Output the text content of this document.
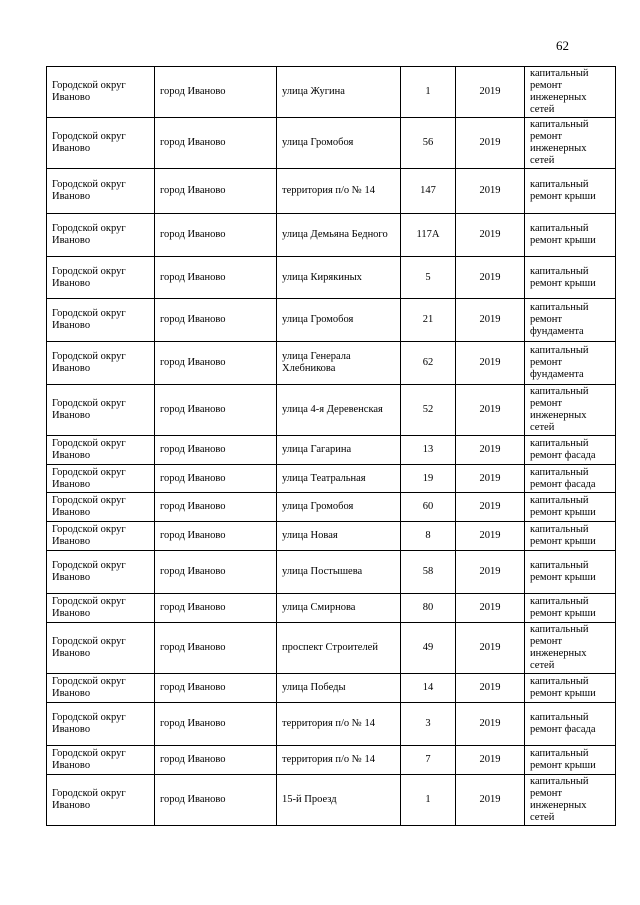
62
Городской округ Иваново	город Иваново	улица Жугина	1	2019	капитальный ремонт инженерных сетей
Городской округ Иваново	город Иваново	улица Громобоя	56	2019	капитальный ремонт инженерных сетей
Городской округ Иваново	город Иваново	территория п/о № 14	147	2019	капитальный ремонт крыши
Городской округ Иваново	город Иваново	улица Демьяна Бедного	117А	2019	капитальный ремонт крыши
Городской округ Иваново	город Иваново	улица Кирякиных	5	2019	капитальный ремонт крыши
Городской округ Иваново	город Иваново	улица Громобоя	21	2019	капитальный ремонт фундамента
Городской округ Иваново	город Иваново	улица Генерала Хлебникова	62	2019	капитальный ремонт фундамента
Городской округ Иваново	город Иваново	улица 4-я Деревенская	52	2019	капитальный ремонт инженерных сетей
Городской округ Иваново	город Иваново	улица Гагарина	13	2019	капитальный ремонт фасада
Городской округ Иваново	город Иваново	улица Театральная	19	2019	капитальный ремонт фасада
Городской округ Иваново	город Иваново	улица Громобоя	60	2019	капитальный ремонт крыши
Городской округ Иваново	город Иваново	улица Новая	8	2019	капитальный ремонт крыши
Городской округ Иваново	город Иваново	улица Постышева	58	2019	капитальный ремонт крыши
Городской округ Иваново	город Иваново	улица Смирнова	80	2019	капитальный ремонт крыши
Городской округ Иваново	город Иваново	проспект Строителей	49	2019	капитальный ремонт инженерных сетей
Городской округ Иваново	город Иваново	улица Победы	14	2019	капитальный ремонт крыши
Городской округ Иваново	город Иваново	территория п/о № 14	3	2019	капитальный ремонт фасада
Городской округ Иваново	город Иваново	территория п/о № 14	7	2019	капитальный ремонт крыши
Городской округ Иваново	город Иваново	15-й Проезд	1	2019	капитальный ремонт инженерных сетей
